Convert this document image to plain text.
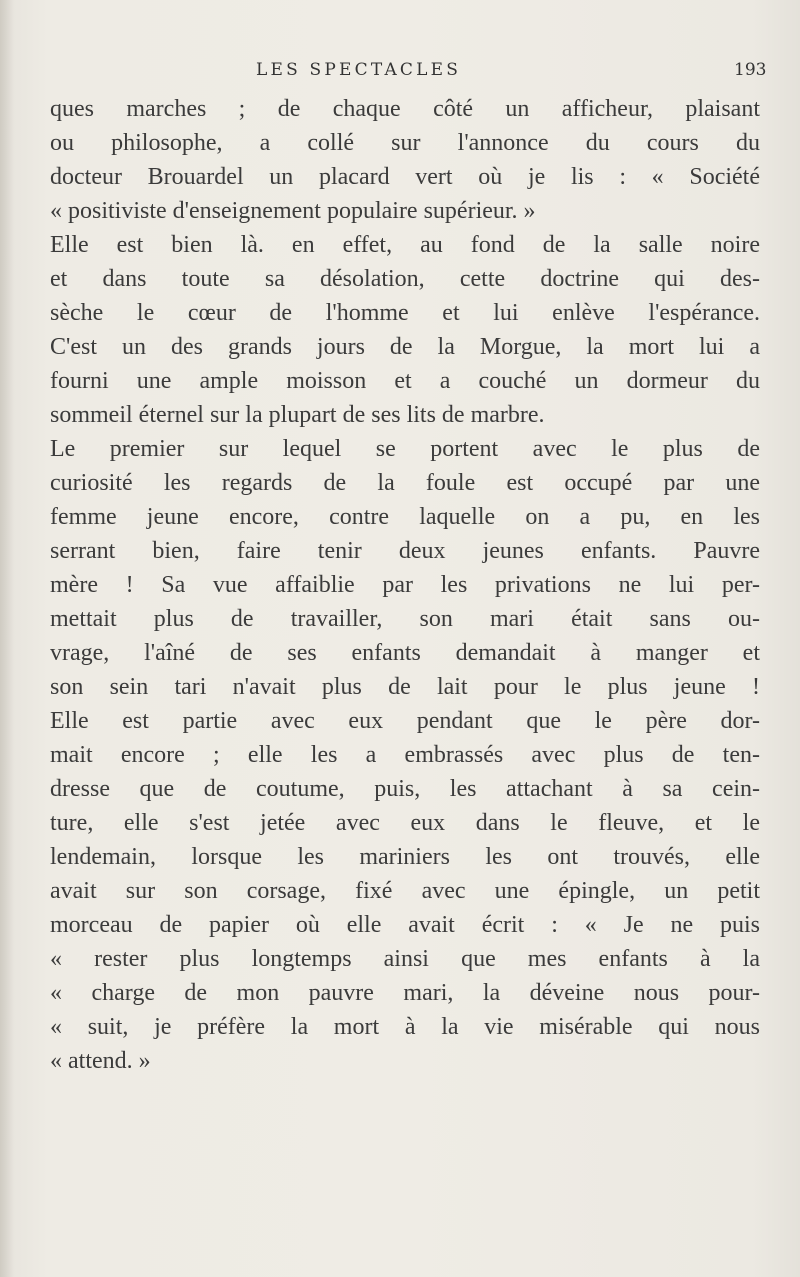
LES SPECTACLES	193
ques marches ; de chaque côté un afficheur, plaisant
ou philosophe, a collé sur l'annonce du cours du
docteur Brouardel un placard vert où je lis : « Société
« positiviste d'enseignement populaire supérieur. »
Elle est bien là. en effet, au fond de la salle noire
et dans toute sa désolation, cette doctrine qui des-
sèche le cœur de l'homme et lui enlève l'espérance.
C'est un des grands jours de la Morgue, la mort lui a
fourni une ample moisson et a couché un dormeur du
sommeil éternel sur la plupart de ses lits de marbre.
Le premier sur lequel se portent avec le plus de
curiosité les regards de la foule est occupé par une
femme jeune encore, contre laquelle on a pu, en les
serrant bien, faire tenir deux jeunes enfants. Pauvre
mère ! Sa vue affaiblie par les privations ne lui per-
mettait plus de travailler, son mari était sans ou-
vrage, l'aîné de ses enfants demandait à manger et
son sein tari n'avait plus de lait pour le plus jeune !
Elle est partie avec eux pendant que le père dor-
mait encore ; elle les a embrassés avec plus de ten-
dresse que de coutume, puis, les attachant à sa cein-
ture, elle s'est jetée avec eux dans le fleuve, et le
lendemain, lorsque les mariniers les ont trouvés, elle
avait sur son corsage, fixé avec une épingle, un petit
morceau de papier où elle avait écrit : « Je ne puis
« rester plus longtemps ainsi que mes enfants à la
« charge de mon pauvre mari, la déveine nous pour-
« suit, je préfère la mort à la vie misérable qui nous
« attend. »
